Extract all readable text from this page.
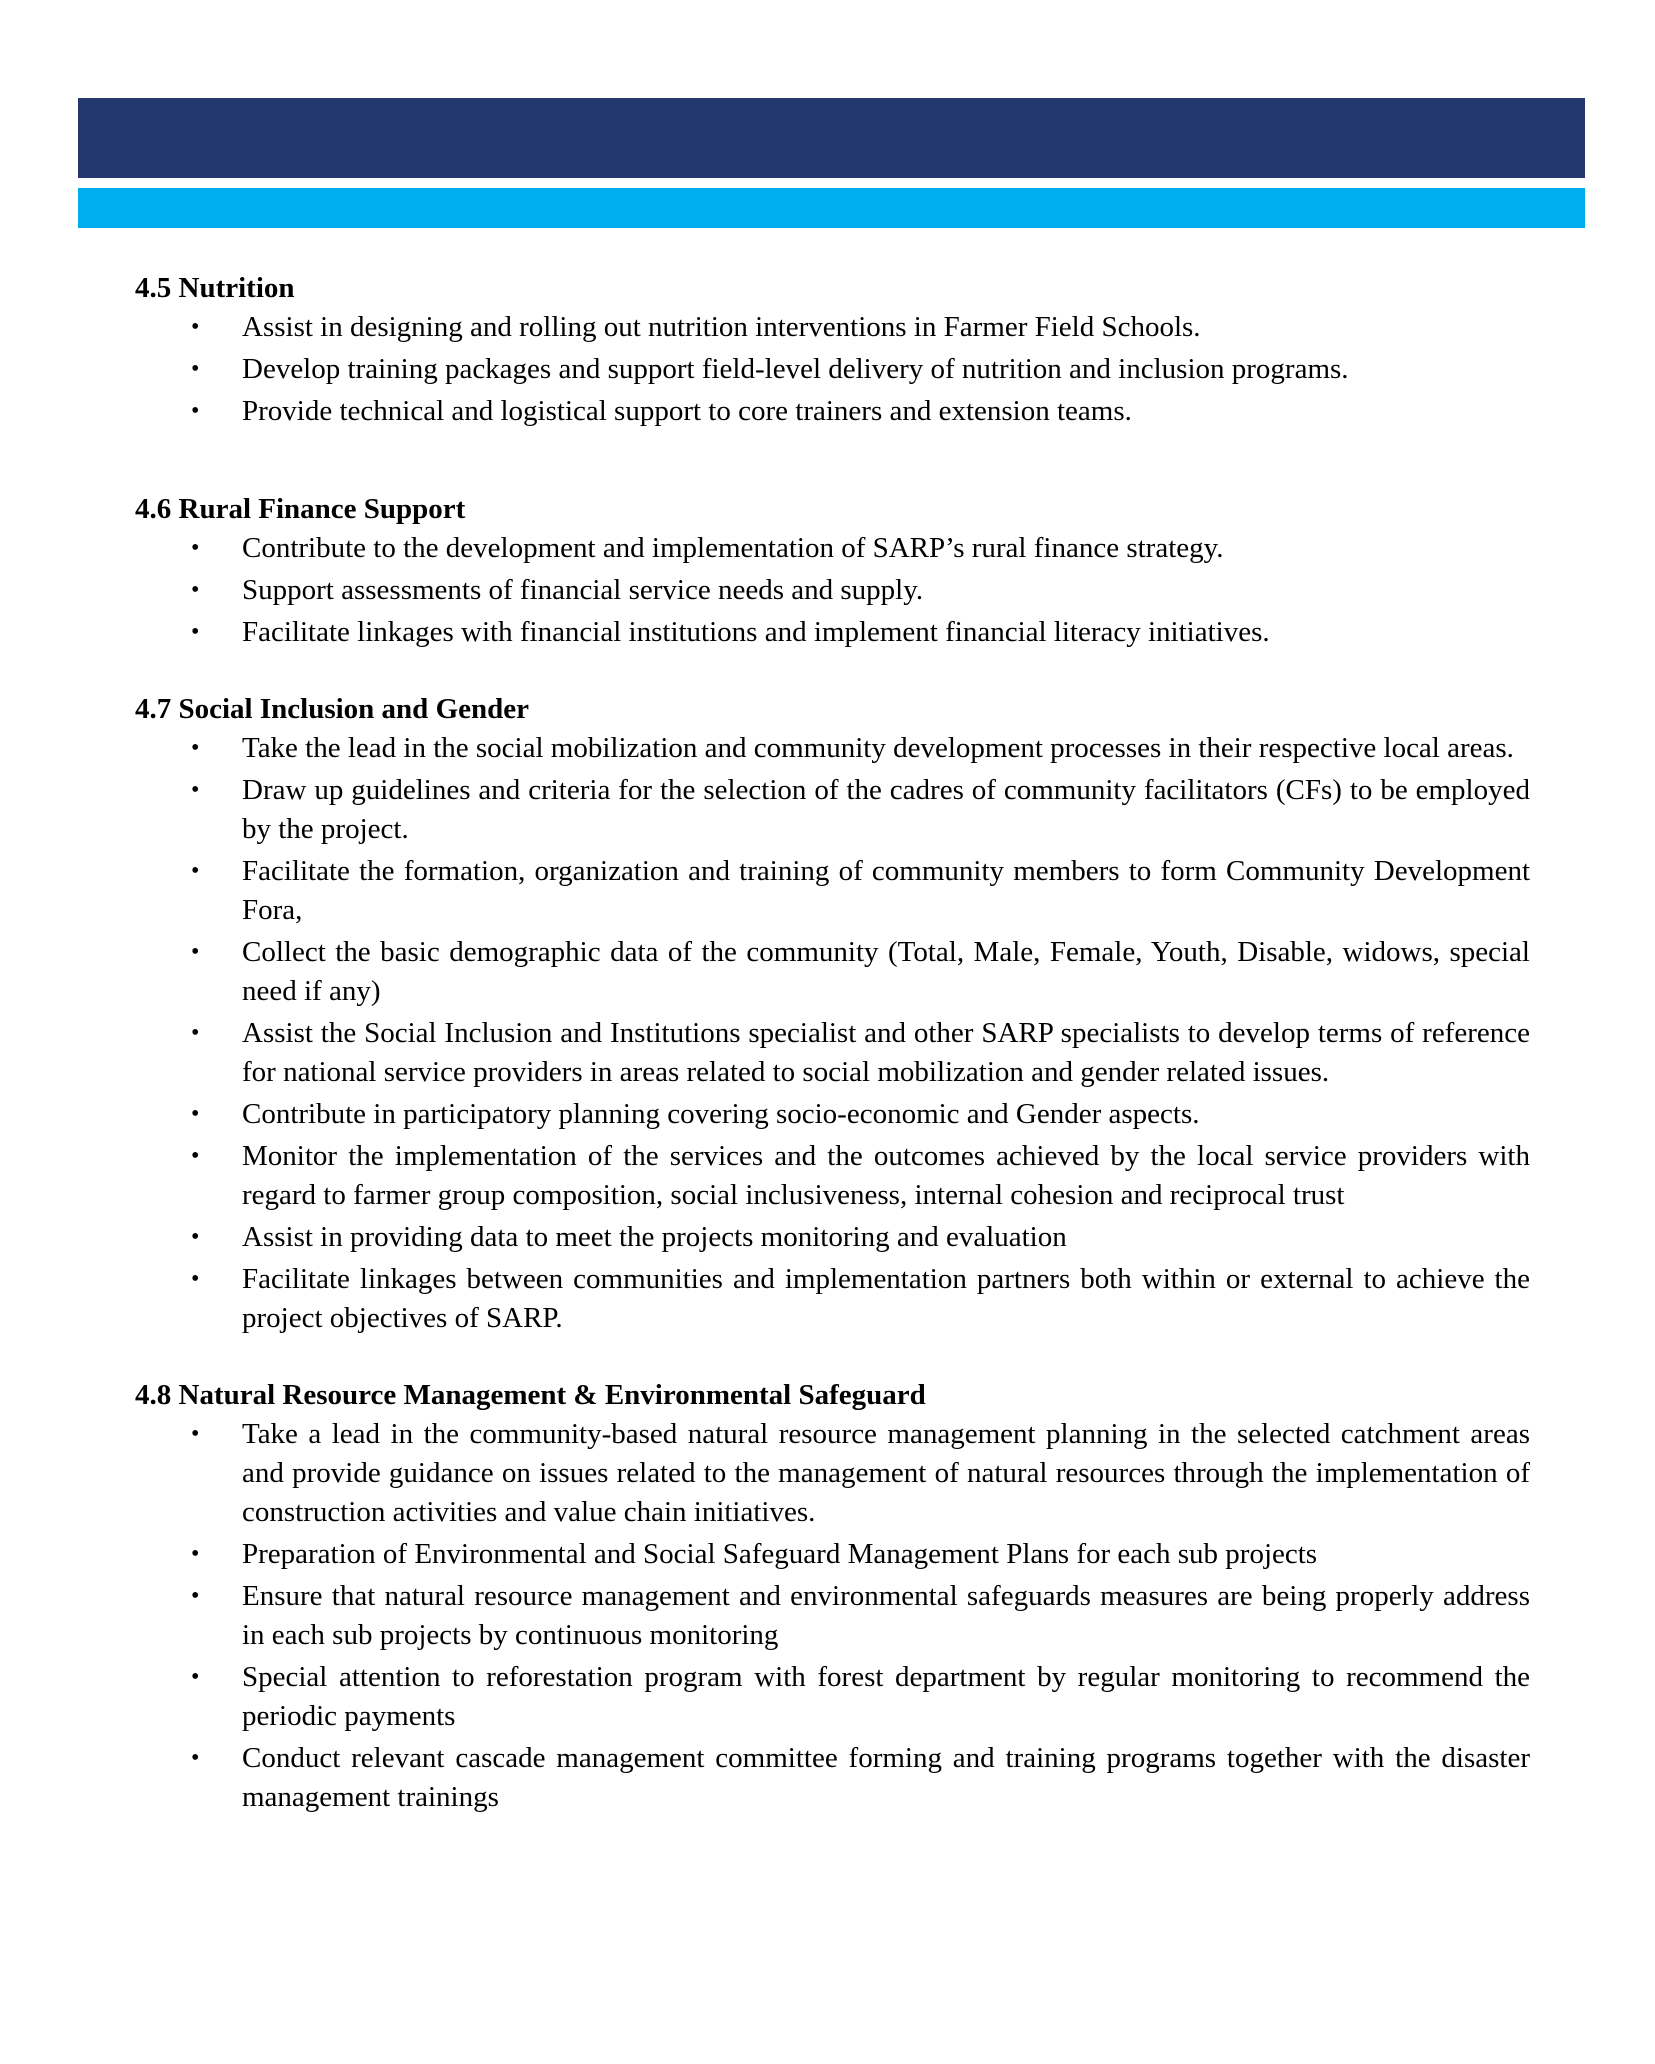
4.5 Nutrition

• Assist in designing and rolling out nutrition interventions in Farmer Field Schools.
• Develop training packages and support field-level delivery of nutrition and inclusion programs.
• Provide technical and logistical support to core trainers and extension teams.

4.6 Rural Finance Support

• Contribute to the development and implementation of SARP’s rural finance strategy.
• Support assessments of financial service needs and supply.
• Facilitate linkages with financial institutions and implement financial literacy initiatives.

4.7 Social Inclusion and Gender

• Take the lead in the social mobilization and community development processes in their respective local areas.
• Draw up guidelines and criteria for the selection of the cadres of community facilitators (CFs) to be employed by the project.
• Facilitate the formation, organization and training of community members to form Community Development Fora,
• Collect the basic demographic data of the community (Total, Male, Female, Youth, Disable, widows, special need if any)
• Assist the Social Inclusion and Institutions specialist and other SARP specialists to develop terms of reference for national service providers in areas related to social mobilization and gender related issues.
• Contribute in participatory planning covering socio-economic and Gender aspects.
• Monitor the implementation of the services and the outcomes achieved by the local service providers with regard to farmer group composition, social inclusiveness, internal cohesion and reciprocal trust
• Assist in providing data to meet the projects monitoring and evaluation
• Facilitate linkages between communities and implementation partners both within or external to achieve the project objectives of SARP.

4.8 Natural Resource Management & Environmental Safeguard

• Take a lead in the community-based natural resource management planning in the selected catchment areas and provide guidance on issues related to the management of natural resources through the implementation of construction activities and value chain initiatives.
• Preparation of Environmental and Social Safeguard Management Plans for each sub projects
• Ensure that natural resource management and environmental safeguards measures are being properly address in each sub projects by continuous monitoring
• Special attention to reforestation program with forest department by regular monitoring to recommend the periodic payments
• Conduct relevant cascade management committee forming and training programs together with the disaster management trainings
